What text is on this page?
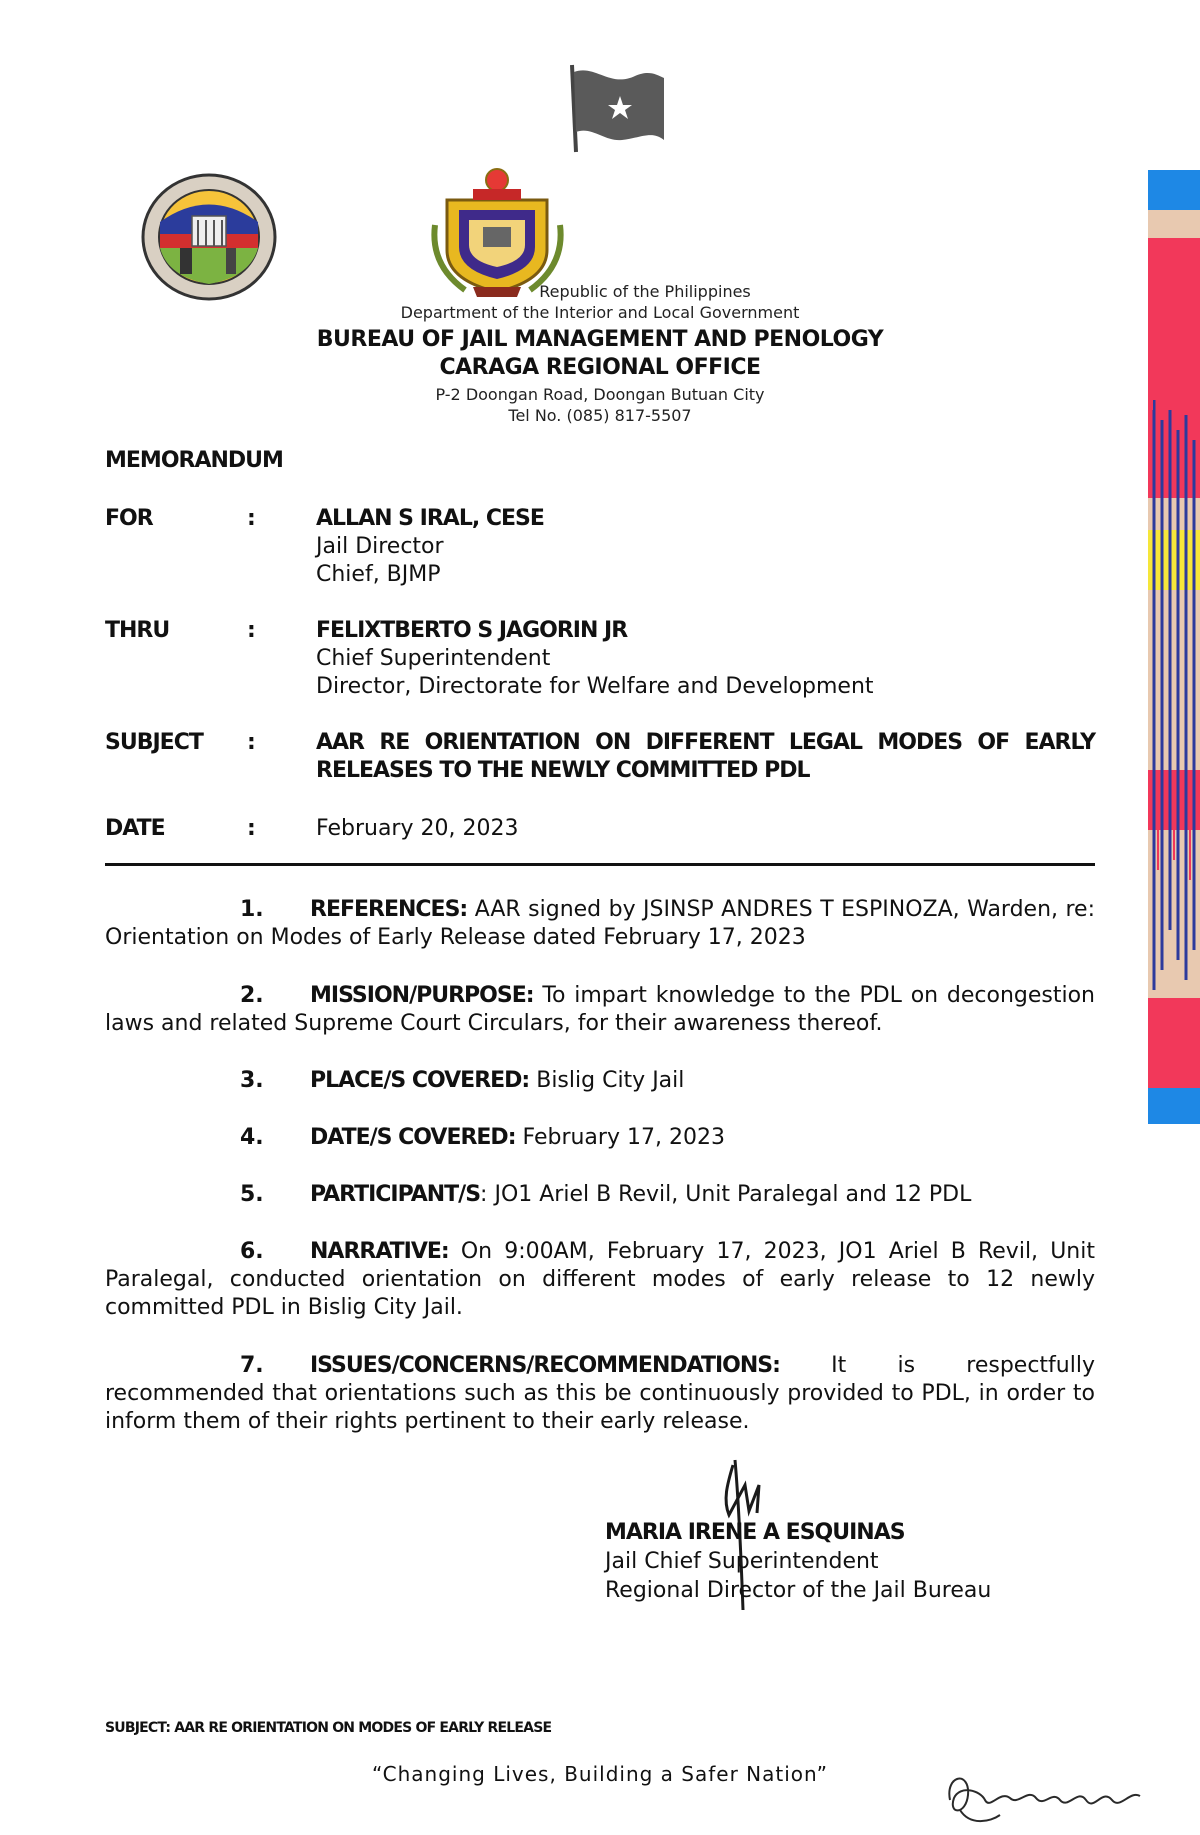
Republic of the Philippines
Department of the Interior and Local Government
BUREAU OF JAIL MANAGEMENT AND PENOLOGY
CARAGA REGIONAL OFFICE
P-2 Doongan Road, Doongan Butuan City
Tel No. (085) 817-5507
MEMORANDUM
FOR	:	ALLAN S IRAL, CESE
Jail Director
Chief, BJMP
THRU	:	FELIXTBERTO S JAGORIN JR
Chief Superintendent
Director, Directorate for Welfare and Development
SUBJECT :	AAR RE ORIENTATION ON DIFFERENT LEGAL MODES OF EARLY
RELEASES TO THE NEWLY COMMITTED PDL
DATE	:	February 20, 2023
1. REFERENCES: AAR signed by JSINSP ANDRES T ESPINOZA, Warden, re: Orientation on Modes of Early Release dated February 17, 2023
2. MISSION/PURPOSE: To impart knowledge to the PDL on decongestion laws and related Supreme Court Circulars, for their awareness thereof.
3. PLACE/S COVERED: Bislig City Jail
4. DATE/S COVERED: February 17, 2023
5. PARTICIPANT/S: JO1 Ariel B Revil, Unit Paralegal and 12 PDL
6. NARRATIVE: On 9:00AM, February 17, 2023, JO1 Ariel B Revil, Unit Paralegal, conducted orientation on different modes of early release to 12 newly committed PDL in Bislig City Jail.
7. ISSUES/CONCERNS/RECOMMENDATIONS: It is respectfully recommended that orientations such as this be continuously provided to PDL, in order to inform them of their rights pertinent to their early release.
MARIA IRENE A ESQUINAS
Jail Chief Superintendent
Regional Director of the Jail Bureau
SUBJECT: AAR RE ORIENTATION ON MODES OF EARLY RELEASE
“Changing Lives, Building a Safer Nation”
